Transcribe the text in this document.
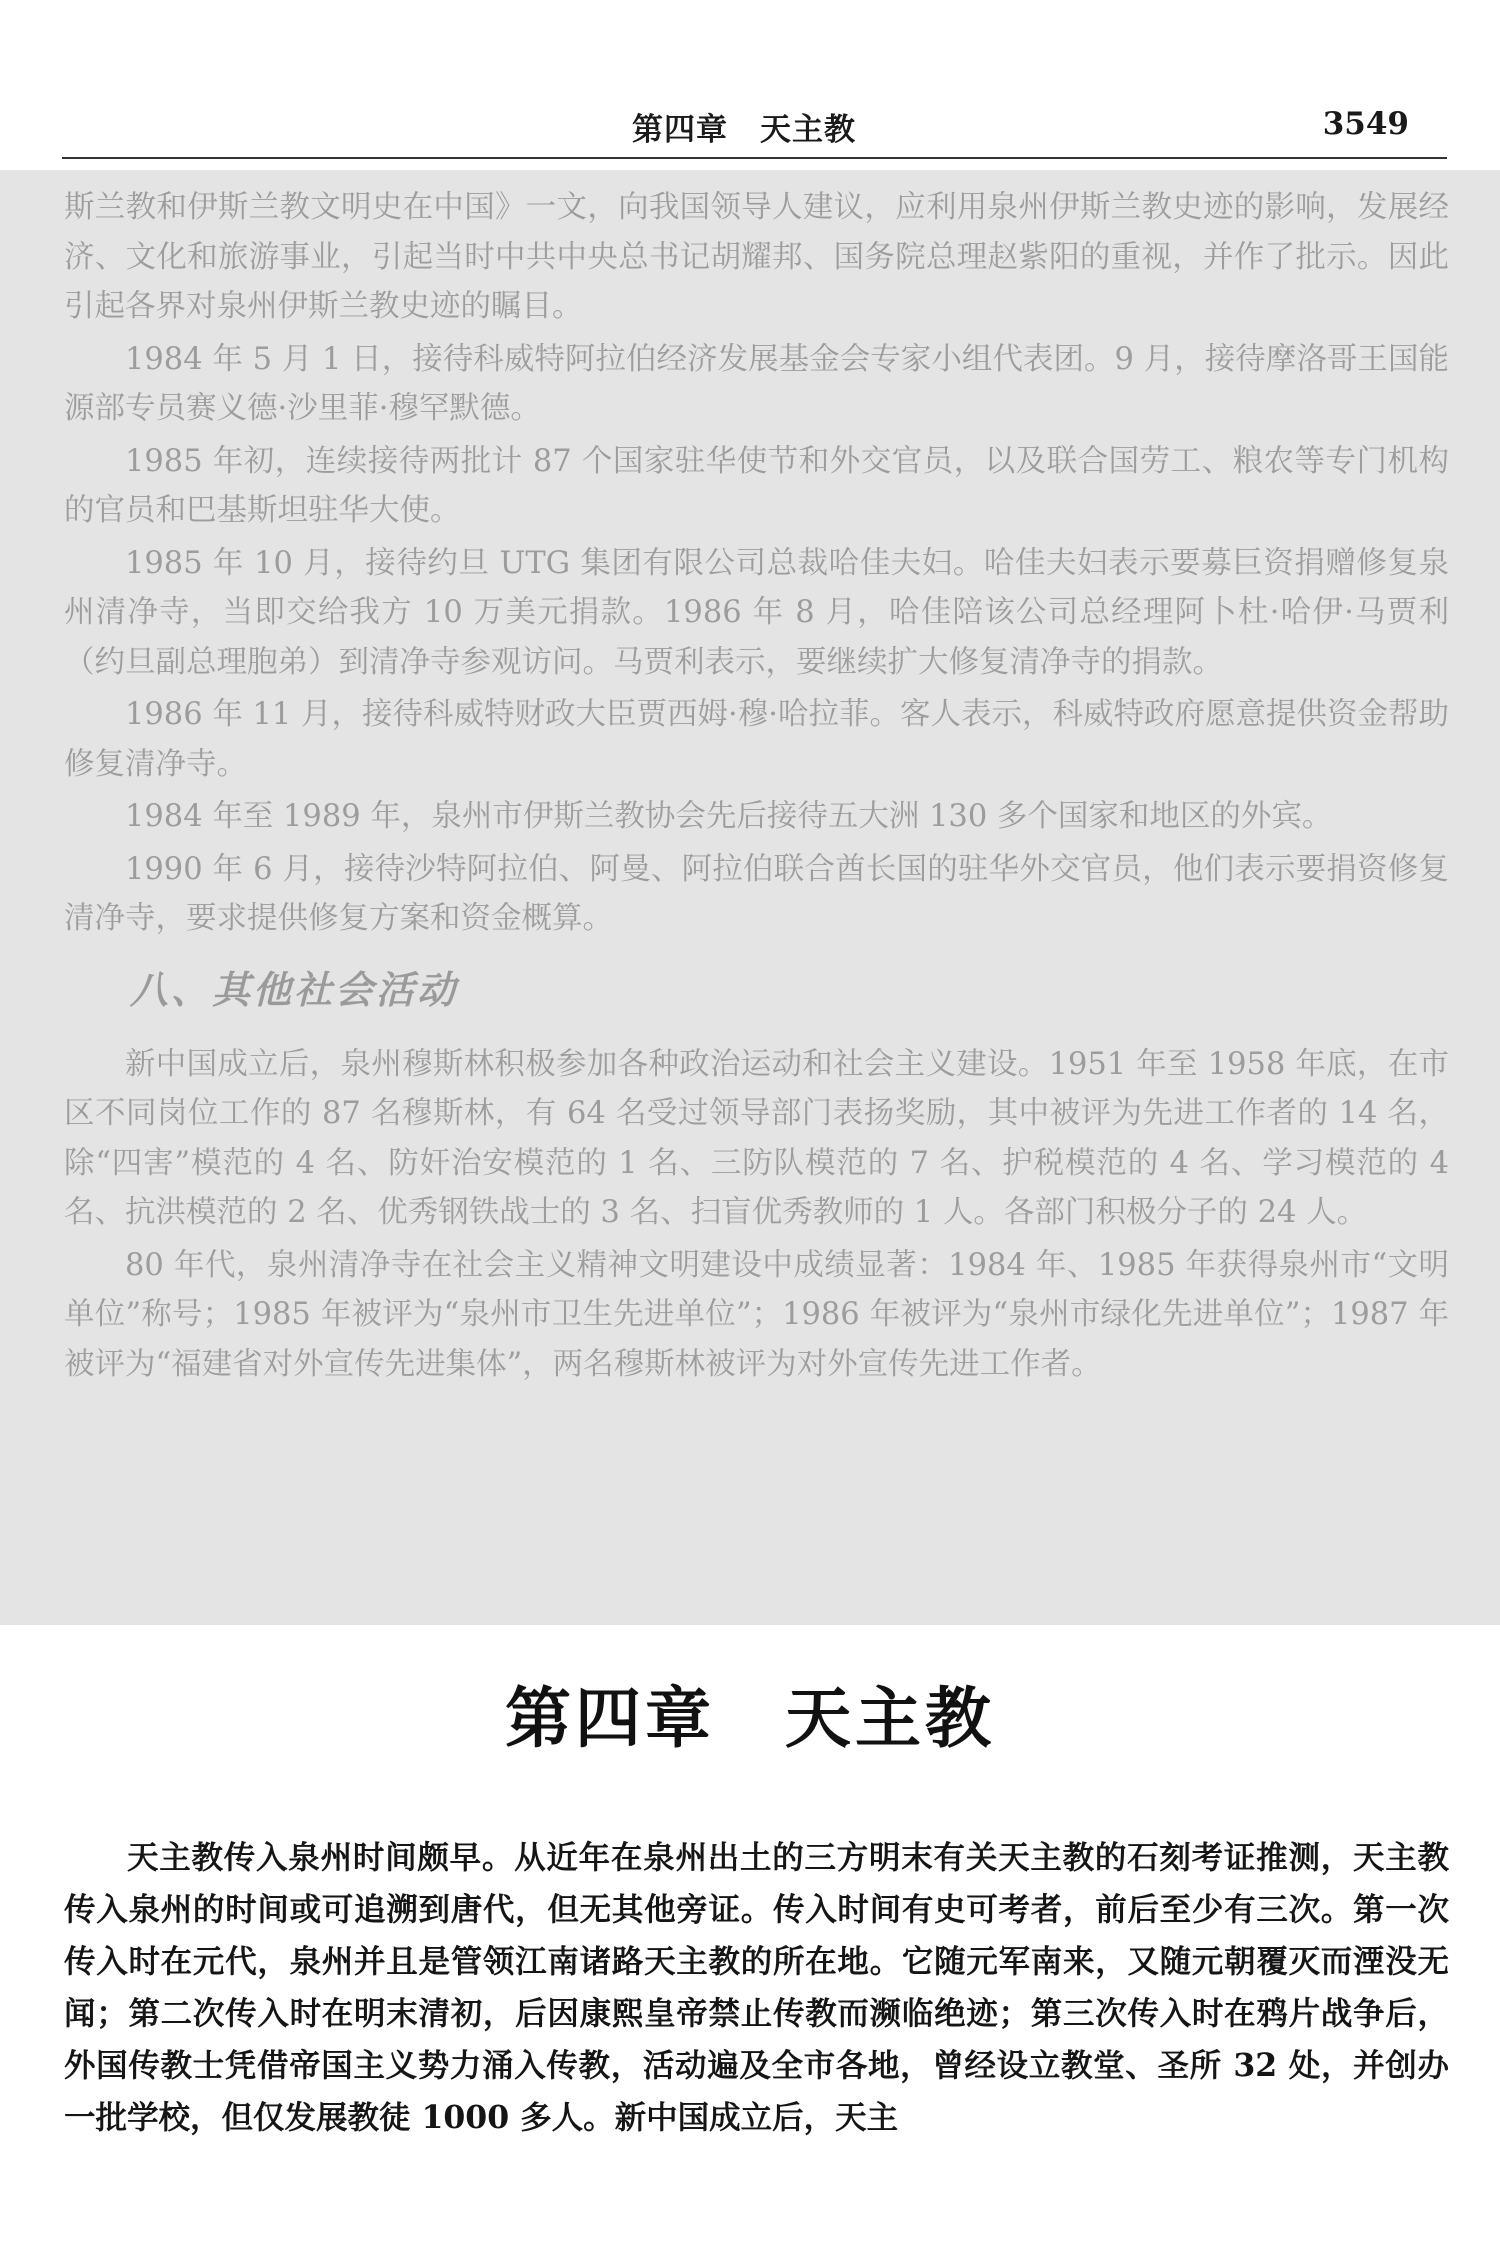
第四章　天主教	3549

斯兰教和伊斯兰教文明史在中国》一文，向我国领导人建议，应利用泉州伊斯兰教史迹的影响，发展经济、文化和旅游事业，引起当时中共中央总书记胡耀邦、国务院总理赵紫阳的重视，并作了批示。因此引起各界对泉州伊斯兰教史迹的瞩目。

1984 年 5 月 1 日，接待科威特阿拉伯经济发展基金会专家小组代表团。9 月，接待摩洛哥王国能源部专员赛义德·沙里菲·穆罕默德。

1985 年初，连续接待两批计 87 个国家驻华使节和外交官员，以及联合国劳工、粮农等专门机构的官员和巴基斯坦驻华大使。

1985 年 10 月，接待约旦 UTG 集团有限公司总裁哈佳夫妇。哈佳夫妇表示要募巨资捐赠修复泉州清净寺，当即交给我方 10 万美元捐款。1986 年 8 月，哈佳陪该公司总经理阿卜杜·哈伊·马贾利（约旦副总理胞弟）到清净寺参观访问。马贾利表示，要继续扩大修复清净寺的捐款。

1986 年 11 月，接待科威特财政大臣贾西姆·穆·哈拉菲。客人表示，科威特政府愿意提供资金帮助修复清净寺。

1984 年至 1989 年，泉州市伊斯兰教协会先后接待五大洲 130 多个国家和地区的外宾。

1990 年 6 月，接待沙特阿拉伯、阿曼、阿拉伯联合酋长国的驻华外交官员，他们表示要捐资修复清净寺，要求提供修复方案和资金概算。

八、其他社会活动

新中国成立后，泉州穆斯林积极参加各种政治运动和社会主义建设。1951 年至 1958 年底，在市区不同岗位工作的 87 名穆斯林，有 64 名受过领导部门表扬奖励，其中被评为先进工作者的 14 名，除“四害”模范的 4 名、防奸治安模范的 1 名、三防队模范的 7 名、护税模范的 4 名、学习模范的 4 名、抗洪模范的 2 名、优秀钢铁战士的 3 名、扫盲优秀教师的 1 人。各部门积极分子的 24 人。

80 年代，泉州清净寺在社会主义精神文明建设中成绩显著：1984 年、1985 年获得泉州市“文明单位”称号；1985 年被评为“泉州市卫生先进单位”；1986 年被评为“泉州市绿化先进单位”；1987 年被评为“福建省对外宣传先进集体”，两名穆斯林被评为对外宣传先进工作者。

第四章　天主教

天主教传入泉州时间颇早。从近年在泉州出土的三方明末有关天主教的石刻考证推测，天主教传入泉州的时间或可追溯到唐代，但无其他旁证。传入时间有史可考者，前后至少有三次。第一次传入时在元代，泉州并且是管领江南诸路天主教的所在地。它随元军南来，又随元朝覆灭而湮没无闻；第二次传入时在明末清初，后因康熙皇帝禁止传教而濒临绝迹；第三次传入时在鸦片战争后，外国传教士凭借帝国主义势力涌入传教，活动遍及全市各地，曾经设立教堂、圣所 32 处，并创办一批学校，但仅发展教徒 1000 多人。新中国成立后，天主
